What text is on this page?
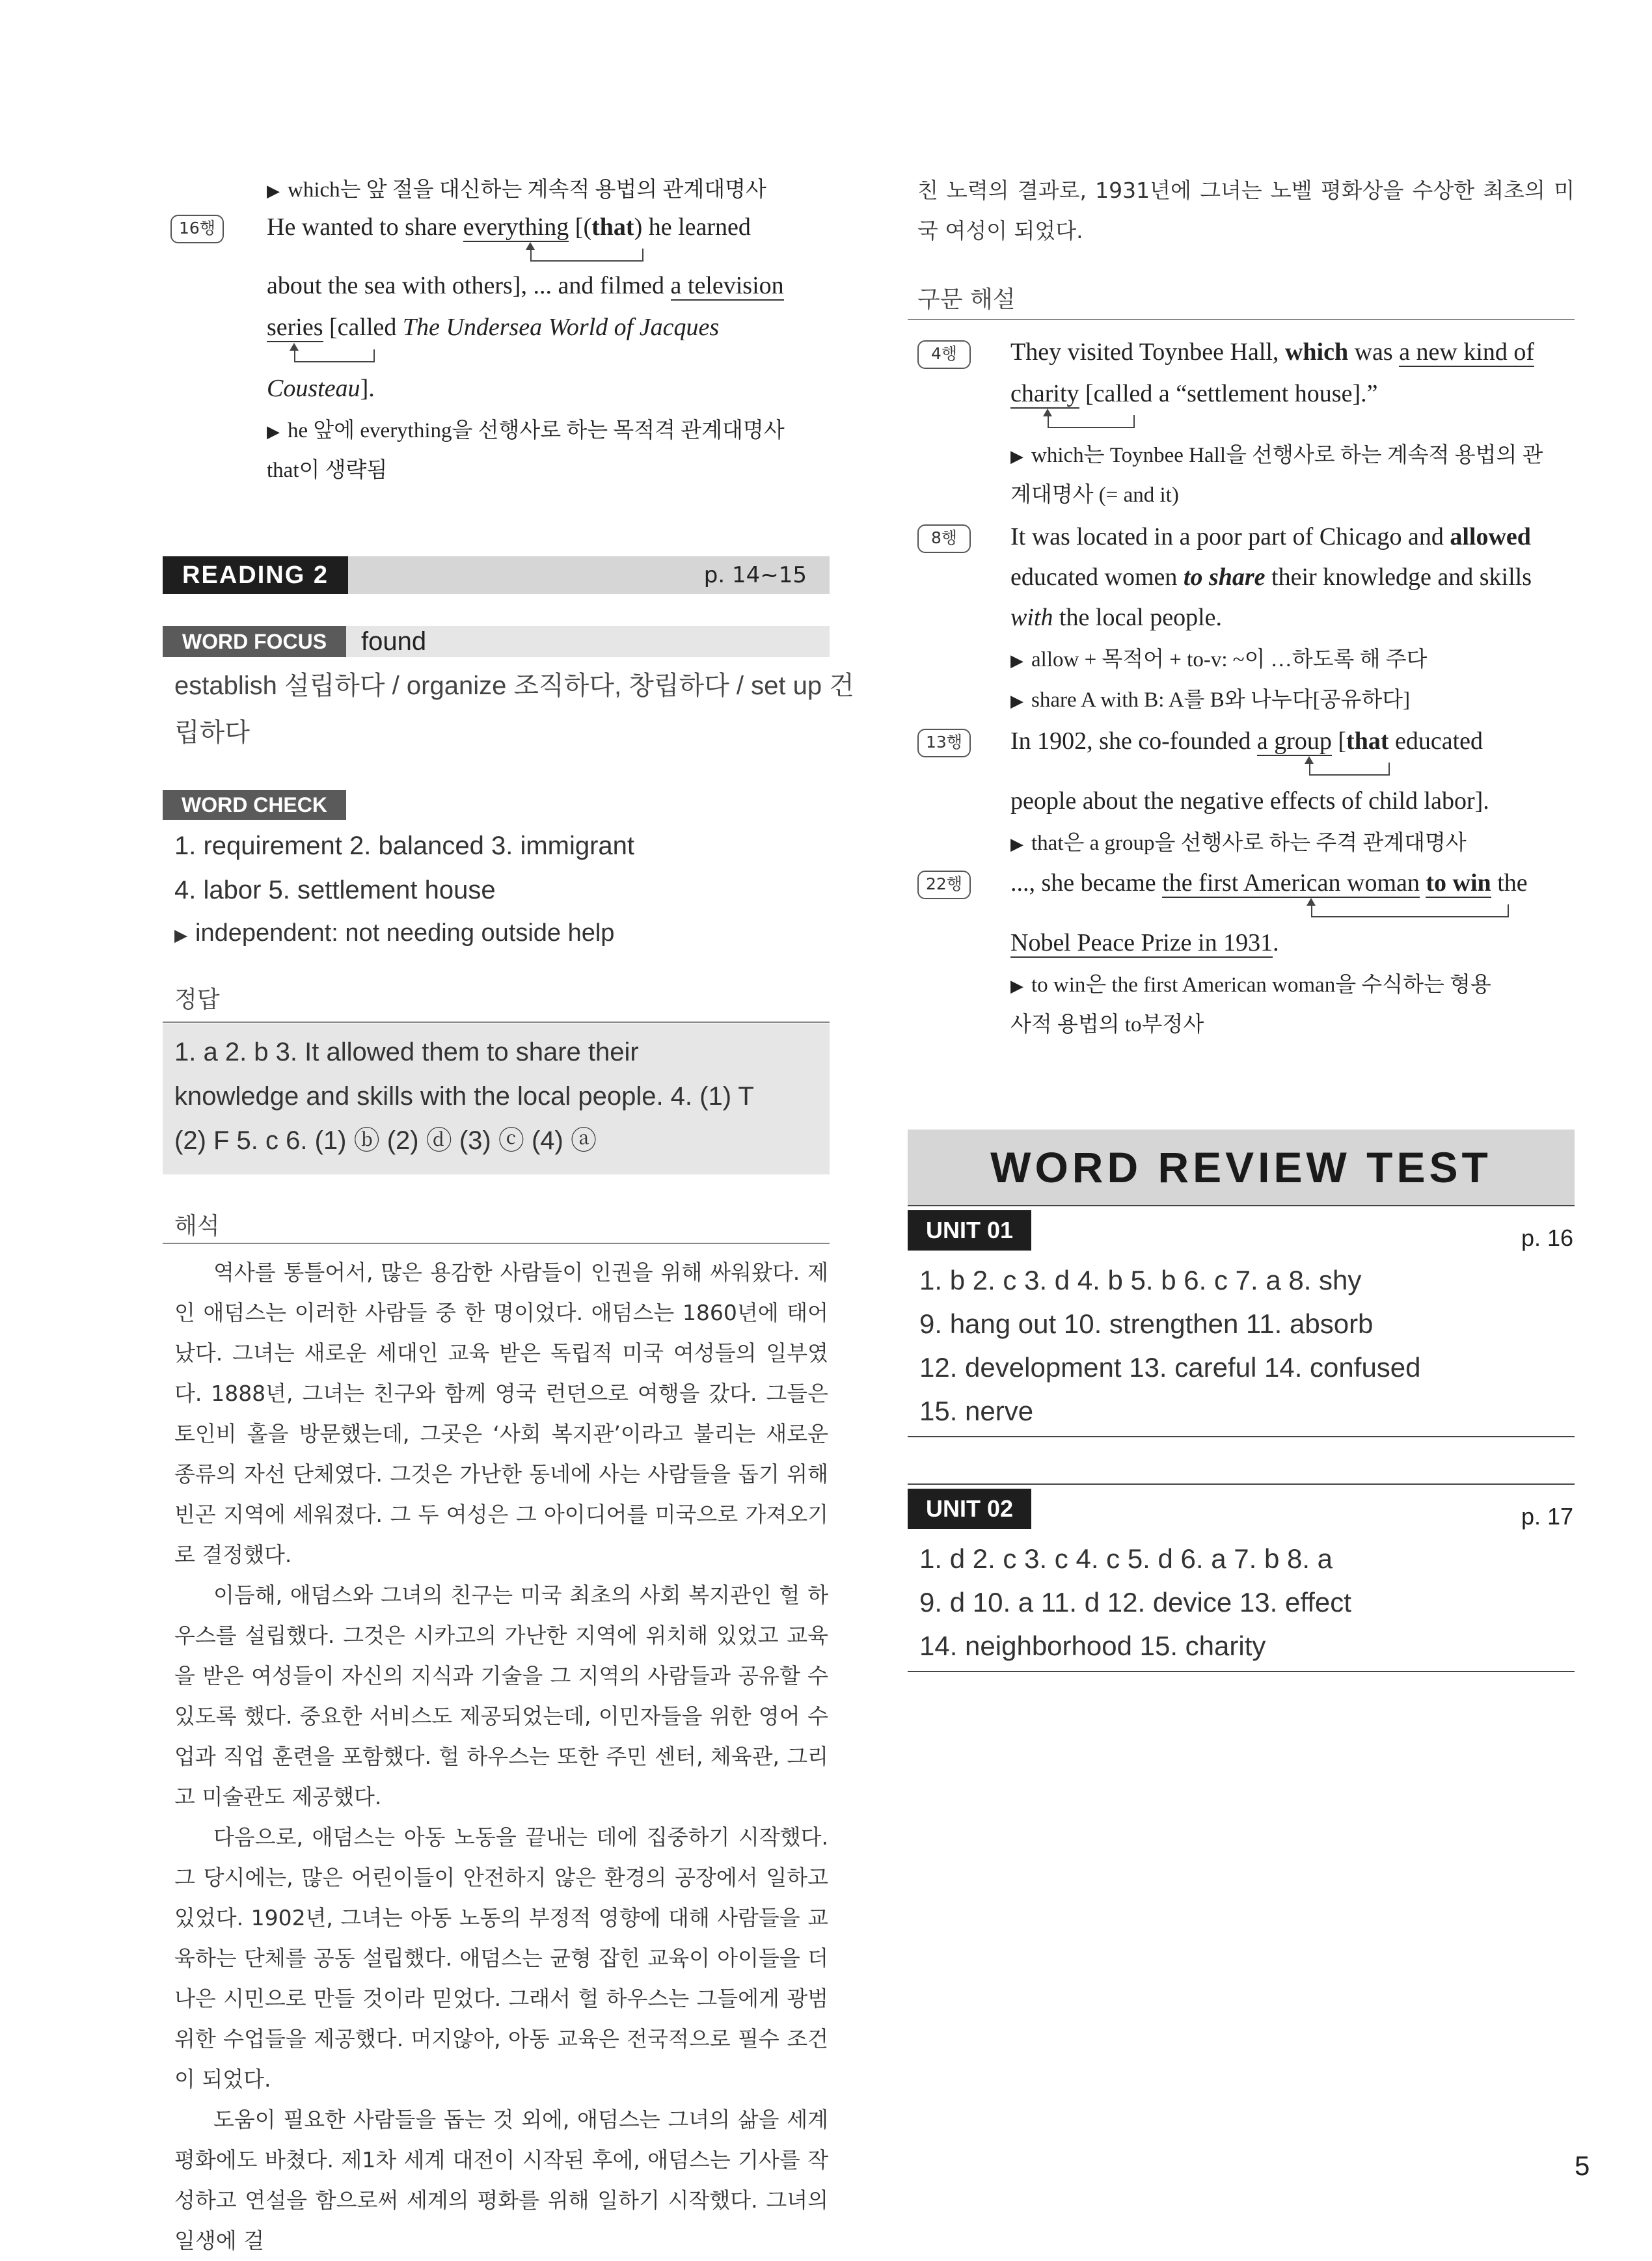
▶ which는 앞 절을 대신하는 계속적 용법의 관계대명사
16행	He wanted to share everything [(that) he learned
about the sea with others], ... and filmed a television
series [called The Undersea World of Jacques
Cousteau].
▶ he 앞에 everything을 선행사로 하는 목적격 관계대명사
that이 생략됨
READING 2	p. 14~15
WORD FOCUS	found
establish 설립하다 / organize 조직하다, 창립하다 / set up 건
립하다
WORD CHECK
1. requirement 2. balanced 3. immigrant
4. labor 5. settlement house
▶ independent: not needing outside help
정답
1. a 2. b 3. It allowed them to share their
knowledge and skills with the local people. 4. (1) T
(2) F 5. c 6. (1) ⓑ (2) ⓓ (3) ⓒ (4) ⓐ
해석

역사를 통틀어서, 많은 용감한 사람들이 인권을 위해 싸워왔다. 제인 애덤스는 이러한 사람들 중 한 명이었다. 애덤스는 1860년에 태어났다. 그녀는 새로운 세대인 교육 받은 독립적 미국 여성들의 일부였다. 1888년, 그녀는 친구와 함께 영국 런던으로 여행을 갔다. 그들은 토인비 홀을 방문했는데, 그곳은 ‘사회 복지관’이라고 불리는 새로운 종류의 자선 단체였다. 그것은 가난한 동네에 사는 사람들을 돕기 위해 빈곤 지역에 세워졌다. 그 두 여성은 그 아이디어를 미국으로 가져오기로 결정했다.

이듬해, 애덤스와 그녀의 친구는 미국 최초의 사회 복지관인 헐 하우스를 설립했다. 그것은 시카고의 가난한 지역에 위치해 있었고 교육을 받은 여성들이 자신의 지식과 기술을 그 지역의 사람들과 공유할 수 있도록 했다. 중요한 서비스도 제공되었는데, 이민자들을 위한 영어 수업과 직업 훈련을 포함했다. 헐 하우스는 또한 주민 센터, 체육관, 그리고 미술관도 제공했다.

다음으로, 애덤스는 아동 노동을 끝내는 데에 집중하기 시작했다. 그 당시에는, 많은 어린이들이 안전하지 않은 환경의 공장에서 일하고 있었다. 1902년, 그녀는 아동 노동의 부정적 영향에 대해 사람들을 교육하는 단체를 공동 설립했다. 애덤스는 균형 잡힌 교육이 아이들을 더 나은 시민으로 만들 것이라 믿었다. 그래서 헐 하우스는 그들에게 광범위한 수업들을 제공했다. 머지않아, 아동 교육은 전국적으로 필수 조건이 되었다.

도움이 필요한 사람들을 돕는 것 외에, 애덤스는 그녀의 삶을 세계 평화에도 바쳤다. 제1차 세계 대전이 시작된 후에, 애덤스는 기사를 작성하고 연설을 함으로써 세계의 평화를 위해 일하기 시작했다. 그녀의 일생에 걸

친 노력의 결과로, 1931년에 그녀는 노벨 평화상을 수상한 최초의 미국 여성이 되었다.
구문 해설
4행	They visited Toynbee Hall, which was a new kind of
charity [called a “settlement house].”
▶ which는 Toynbee Hall을 선행사로 하는 계속적 용법의 관
계대명사 (= and it)
8행	It was located in a poor part of Chicago and allowed
educated women to share their knowledge and skills
with the local people.
▶ allow + 목적어 + to-v: ~이 …하도록 해 주다
▶ share A with B: A를 B와 나누다[공유하다]
13행	In 1902, she co-founded a group [that educated
people about the negative effects of child labor].
▶ that은 a group을 선행사로 하는 주격 관계대명사
22행	..., she became the first American woman to win the
Nobel Peace Prize in 1931.
▶ to win은 the first American woman을 수식하는 형용
사적 용법의 to부정사
WORD REVIEW TEST
UNIT 01	p. 16
1. b 2. c 3. d 4. b 5. b 6. c 7. a 8. shy
9. hang out 10. strengthen 11. absorb
12. development 13. careful 14. confused
15. nerve
UNIT 02	p. 17
1. d 2. c 3. c 4. c 5. d 6. a 7. b 8. a
9. d 10. a 11. d 12. device 13. effect
14. neighborhood 15. charity
5
